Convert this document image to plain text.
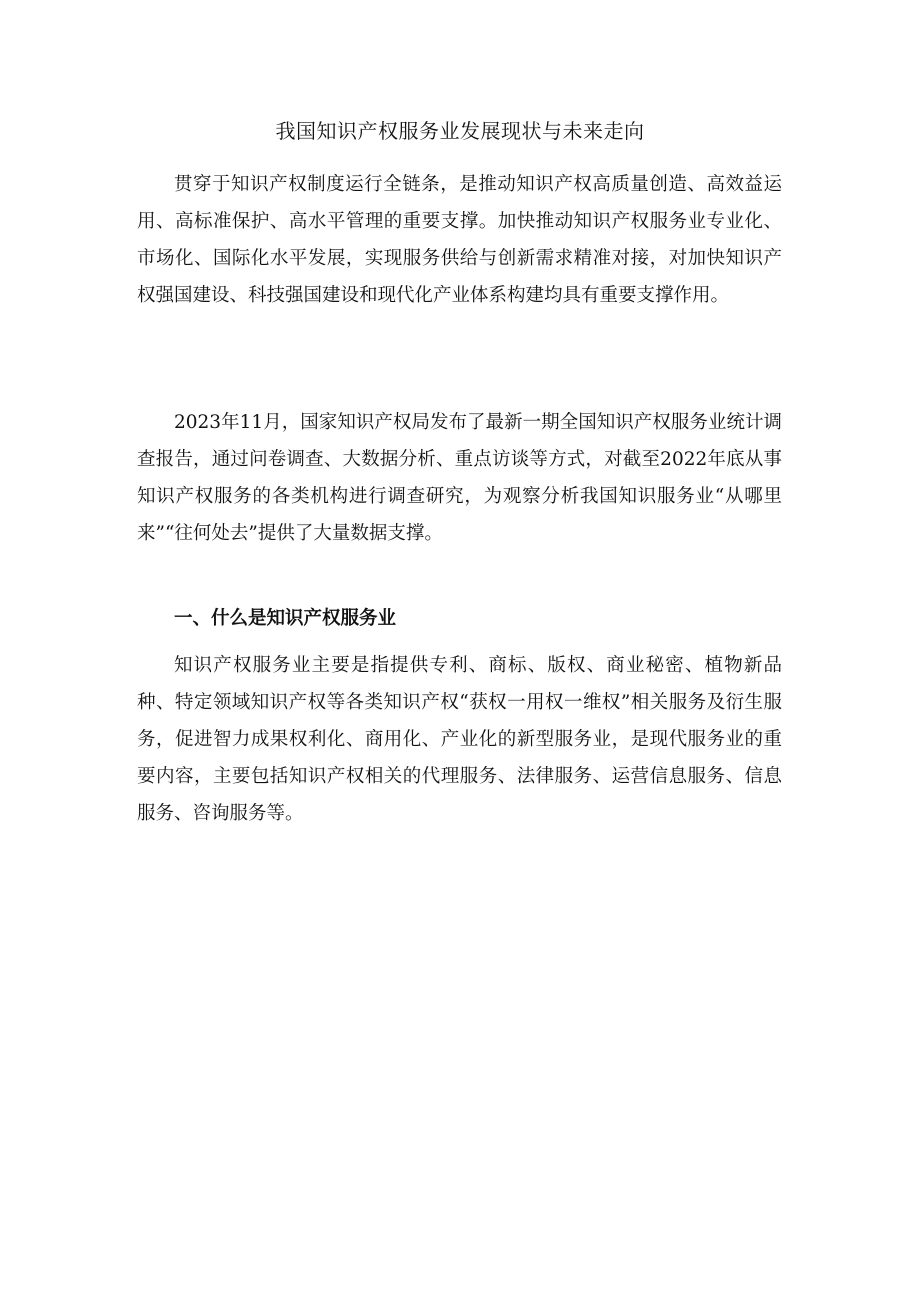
我国知识产权服务业发展现状与未来走向

贯穿于知识产权制度运行全链条，是推动知识产权高质量创造、高效益运用、高标准保护、高水平管理的重要支撑。加快推动知识产权服务业专业化、市场化、国际化水平发展，实现服务供给与创新需求精准对接，对加快知识产权强国建设、科技强国建设和现代化产业体系构建均具有重要支撑作用。

2023年11月，国家知识产权局发布了最新一期全国知识产权服务业统计调查报告，通过问卷调查、大数据分析、重点访谈等方式，对截至2022年底从事知识产权服务的各类机构进行调查研究，为观察分析我国知识服务业“从哪里来”“往何处去”提供了大量数据支撑。

一、什么是知识产权服务业

知识产权服务业主要是指提供专利、商标、版权、商业秘密、植物新品种、特定领域知识产权等各类知识产权“获权一用权一维权”相关服务及衍生服务，促进智力成果权利化、商用化、产业化的新型服务业，是现代服务业的重要内容，主要包括知识产权相关的代理服务、法律服务、运营信息服务、信息服务、咨询服务等。
